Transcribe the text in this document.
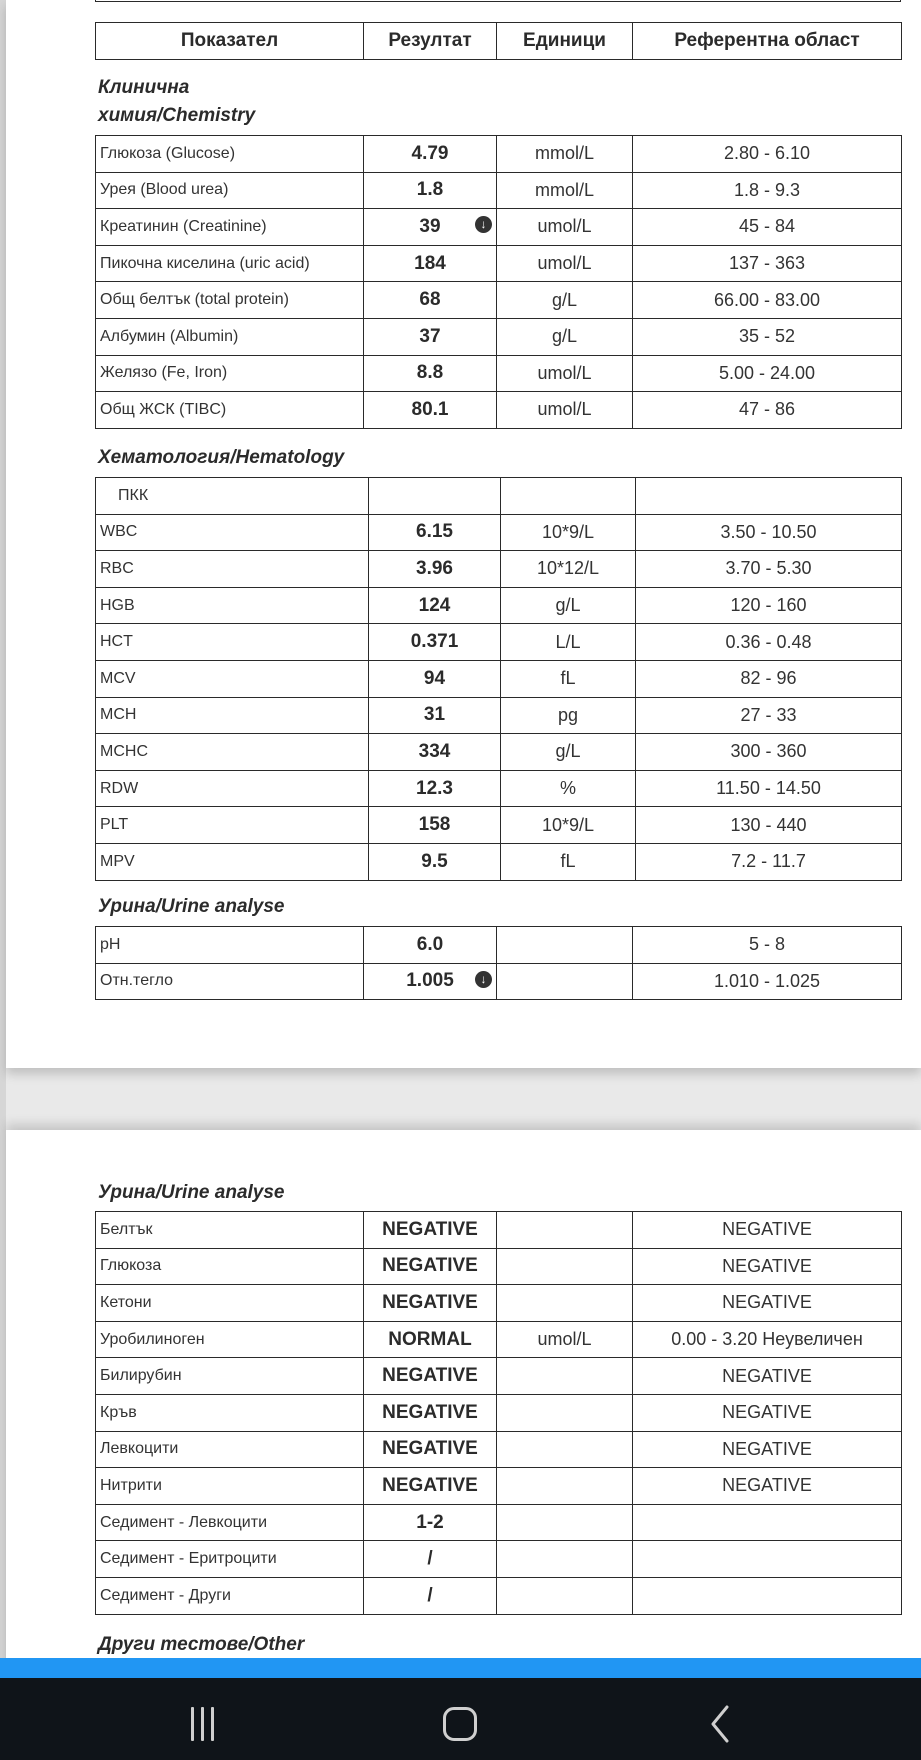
Показател	Резултат	Единици	Референтна област
Клинична
химия/Chemistry
Глюкоза (Glucose)	4.79	mmol/L	2.80 - 6.10
Урея (Blood urea)	1.8	mmol/L	1.8 - 9.3
Креатинин (Creatinine)	39 ↓	umol/L	45 - 84
Пикочна киселина (uric acid)	184	umol/L	137 - 363
Общ белтък (total protein)	68	g/L	66.00 - 83.00
Албумин (Albumin)	37	g/L	35 - 52
Желязо (Fe, Iron)	8.8	umol/L	5.00 - 24.00
Общ ЖСК (TIBC)	80.1	umol/L	47 - 86
Хематология/Hematology
ПКК			
WBC	6.15	10*9/L	3.50 - 10.50
RBC	3.96	10*12/L	3.70 - 5.30
HGB	124	g/L	120 - 160
HCT	0.371	L/L	0.36 - 0.48
MCV	94	fL	82 - 96
MCH	31	pg	27 - 33
MCHC	334	g/L	300 - 360
RDW	12.3	%	11.50 - 14.50
PLT	158	10*9/L	130 - 440
MPV	9.5	fL	7.2 - 11.7
Урина/Urine analyse
pH	6.0		5 - 8
Отн.тегло	1.005 ↓		1.010 - 1.025
Урина/Urine analyse
Белтък	NEGATIVE		NEGATIVE
Глюкоза	NEGATIVE		NEGATIVE
Кетони	NEGATIVE		NEGATIVE
Уробилиноген	NORMAL	umol/L	0.00 - 3.20 Неувеличен
Билирубин	NEGATIVE		NEGATIVE
Кръв	NEGATIVE		NEGATIVE
Левкоцити	NEGATIVE		NEGATIVE
Нитрити	NEGATIVE		NEGATIVE
Седимент - Левкоцити	1-2		
Седимент - Еритроцити	/		
Седимент - Други	/		
Други тестове/Other
